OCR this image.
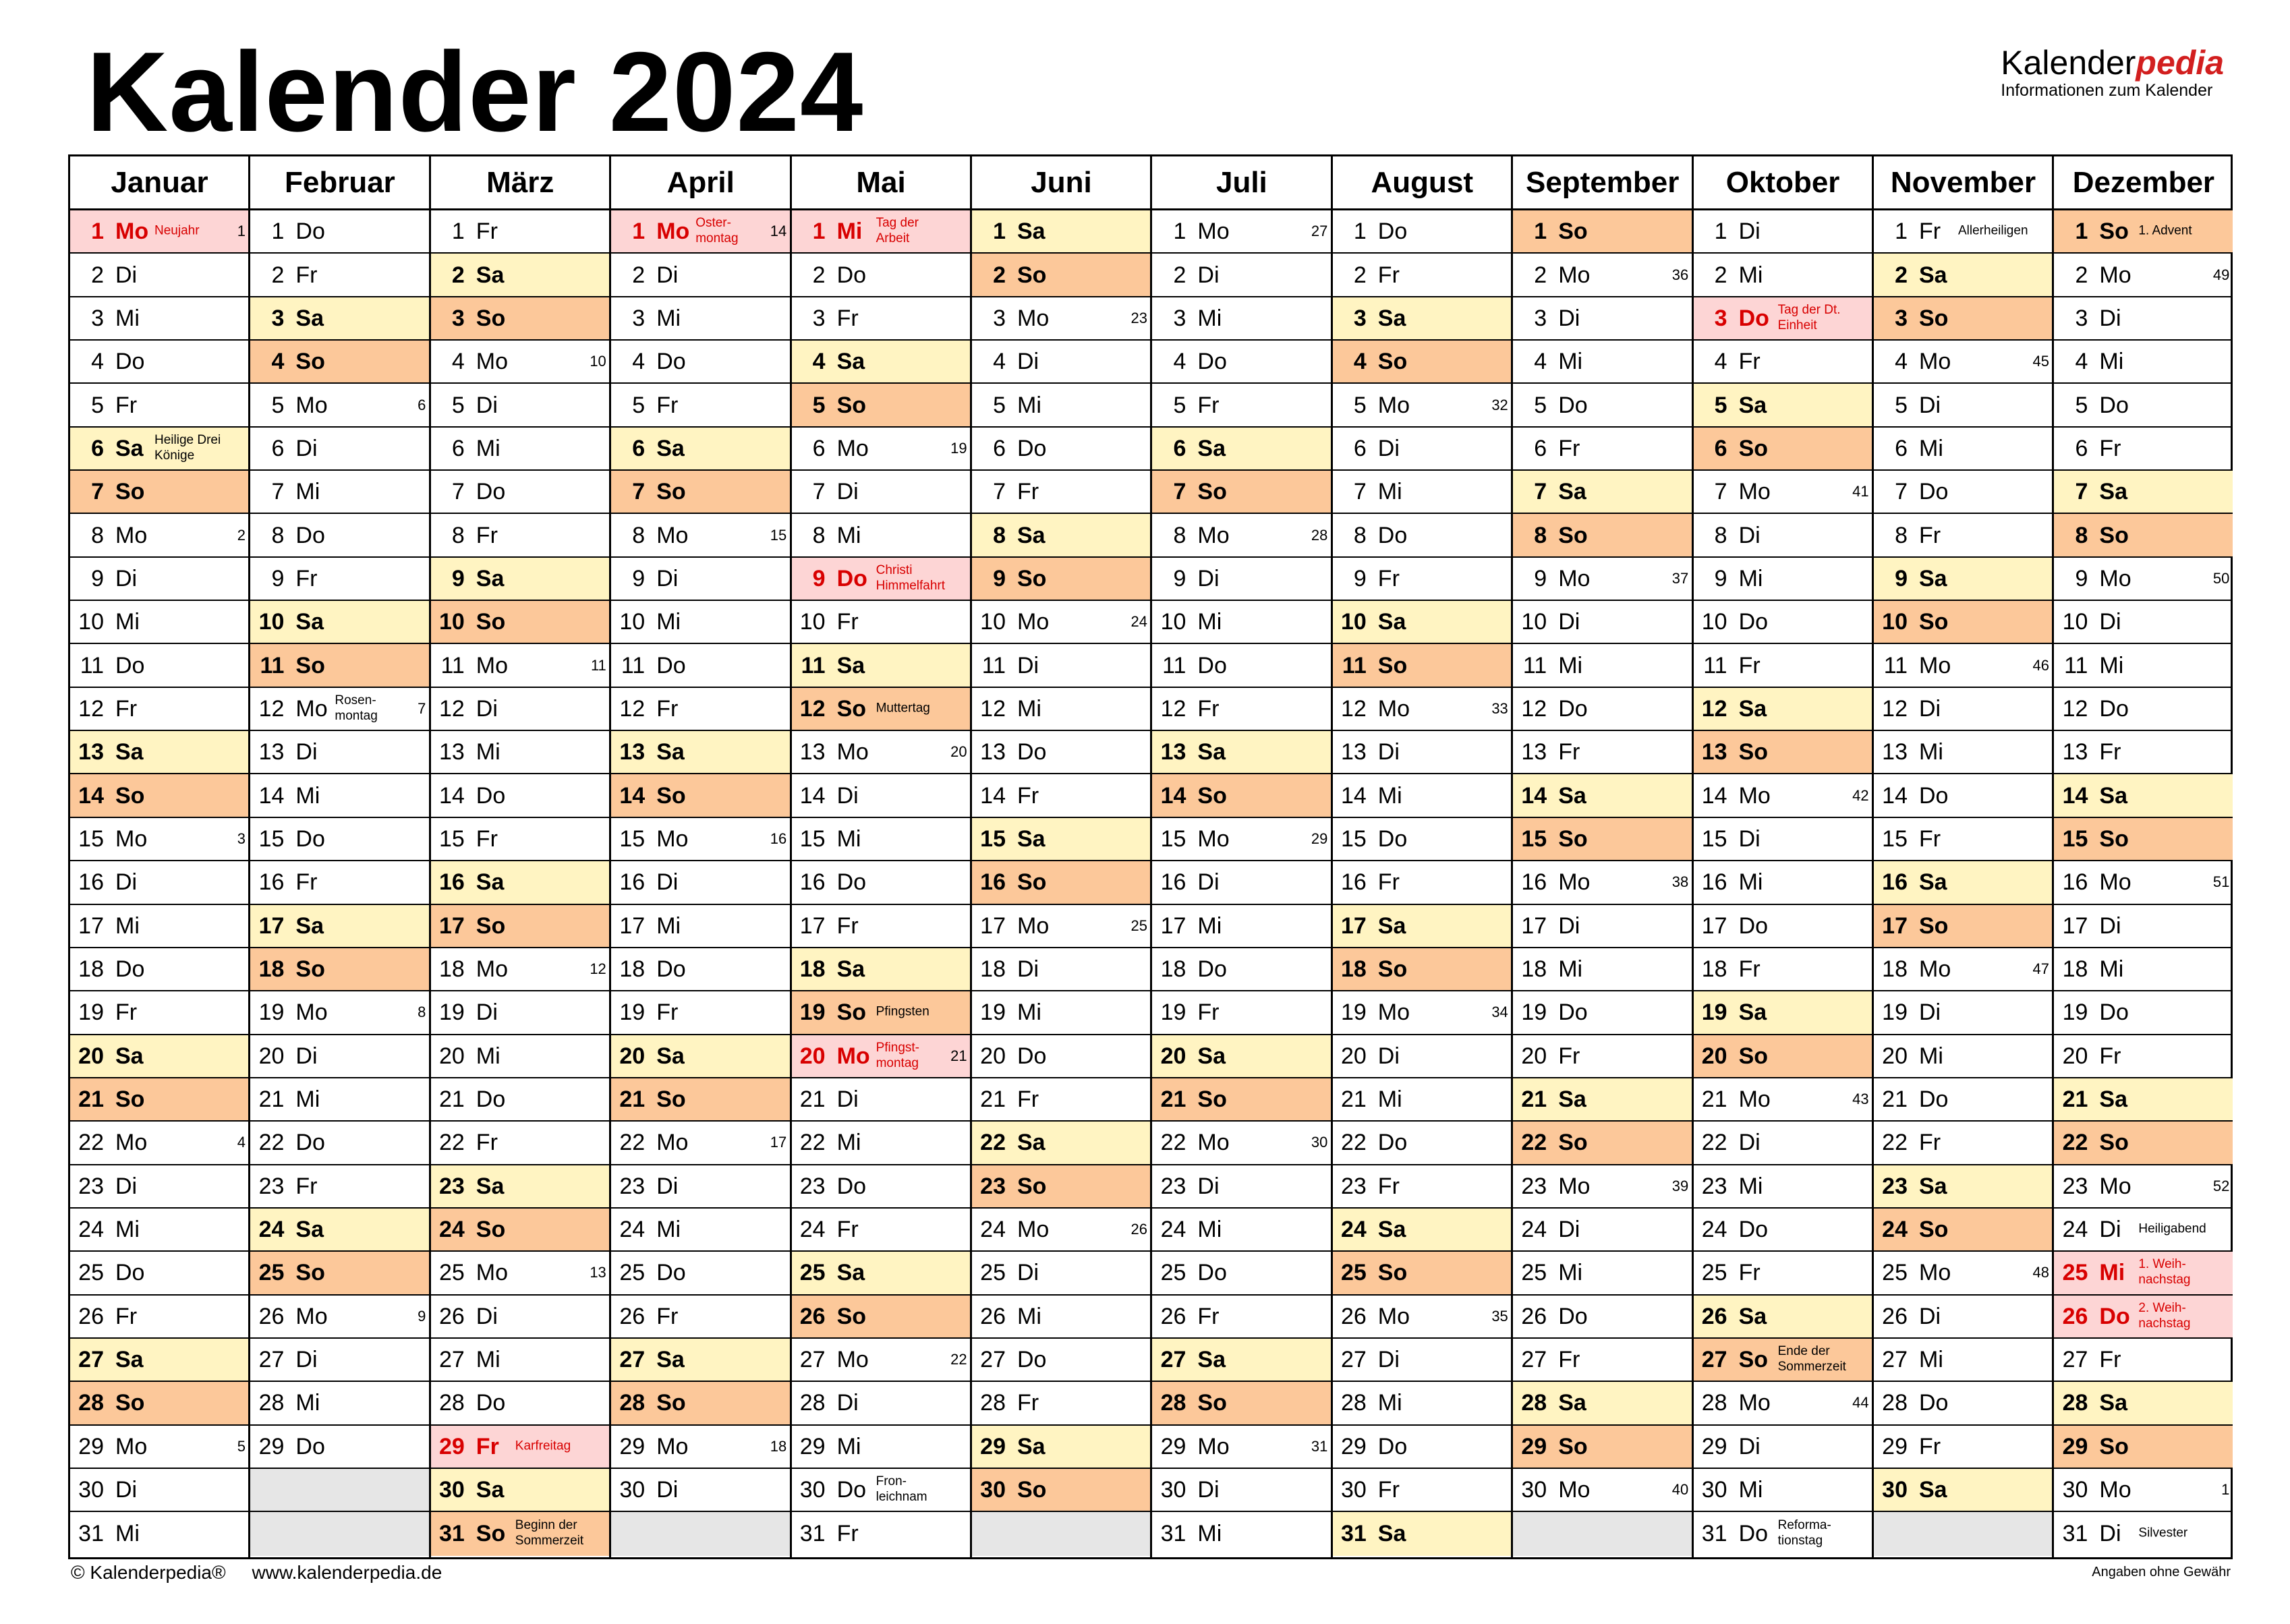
Kalender 2024	Kalenderpedia
Informationen zum Kalender
Januar
1 Mo Neujahr	1
2 Di
3 Mi
4 Do
5 Fr
6 Sa Heilige Drei
Könige
7 So
8 Mo	2
9 Di
10 Mi
11 Do
12 Fr
13 Sa
14 So
15 Mo	3
16 Di
17 Mi
18 Do
19 Fr
20 Sa
21 So
22 Mo	4
23 Di
24 Mi
25 Do
26 Fr
27 Sa
28 So
29 Mo	5
30 Di
31 Mi
Februar
1 Do
2 Fr
3 Sa
4 So
5 Mo	6
6 Di
7 Mi
8 Do
9 Fr
10 Sa
11 So
12 Mo Rosen-
montag	7
13 Di
14 Mi
15 Do
16 Fr
17 Sa
18 So
19 Mo	8
20 Di
21 Mi
22 Do
23 Fr
24 Sa
25 So
26 Mo	9
27 Di
28 Mi
29 Do
März
1 Fr
2 Sa
3 So
4 Mo	10
5 Di
6 Mi
7 Do
8 Fr
9 Sa
10 So
11 Mo	11
12 Di
13 Mi
14 Do
15 Fr
16 Sa
17 So
18 Mo	12
19 Di
20 Mi
21 Do
22 Fr
23 Sa
24 So
25 Mo	13
26 Di
27 Mi
28 Do
29 Fr Karfreitag
30 Sa
31 So Beginn der
Sommerzeit
April
1 Mo Oster-
montag 14
2 Di
3 Mi
4 Do
5 Fr
6 Sa
7 So
8 Mo	15
9 Di
10 Mi
11 Do
12 Fr
13 Sa
14 So
15 Mo	16
16 Di
17 Mi
18 Do
19 Fr
20 Sa
21 So
22 Mo	17
23 Di
24 Mi
25 Do
26 Fr
27 Sa
28 So
29 Mo	18
30 Di
Mai
1 Mi Tag der
Arbeit
2 Do
3 Fr
4 Sa
5 So
6 Mo	19
7 Di
8 Mi
9 Do Christi
Himmelfahrt
10 Fr
11 Sa
12 So Muttertag
13 Mo	20
14 Di
15 Mi
16 Do
17 Fr
18 Sa
19 So Pfingsten
20 Mo Pfingst-
montag 21
21 Di
22 Mi
23 Do
24 Fr
25 Sa
26 So
27 Mo	22
28 Di
29 Mi
30 Do Fron-
leichnam
31 Fr
Juni
1 Sa
2 So
3 Mo	23
4 Di
5 Mi
6 Do
7 Fr
8 Sa
9 So
10 Mo	24
11 Di
12 Mi
13 Do
14 Fr
15 Sa
16 So
17 Mo	25
18 Di
19 Mi
20 Do
21 Fr
22 Sa
23 So
24 Mo	26
25 Di
26 Mi
27 Do
28 Fr
29 Sa
30 So
Juli
1 Mo	27
2 Di
3 Mi
4 Do
5 Fr
6 Sa
7 So
8 Mo	28
9 Di
10 Mi
11 Do
12 Fr
13 Sa
14 So
15 Mo	29
16 Di
17 Mi
18 Do
19 Fr
20 Sa
21 So
22 Mo	30
23 Di
24 Mi
25 Do
26 Fr
27 Sa
28 So
29 Mo	31
30 Di
31 Mi
August
1 Do
2 Fr
3 Sa
4 So
5 Mo	32
6 Di
7 Mi
8 Do
9 Fr
10 Sa
11 So
12 Mo	33
13 Di
14 Mi
15 Do
16 Fr
17 Sa
18 So
19 Mo	34
20 Di
21 Mi
22 Do
23 Fr
24 Sa
25 So
26 Mo	35
27 Di
28 Mi
29 Do
30 Fr
31 Sa
September
1 So
2 Mo	36
3 Di
4 Mi
5 Do
6 Fr
7 Sa
8 So
9 Mo	37
10 Di
11 Mi
12 Do
13 Fr
14 Sa
15 So
16 Mo	38
17 Di
18 Mi
19 Do
20 Fr
21 Sa
22 So
23 Mo	39
24 Di
25 Mi
26 Do
27 Fr
28 Sa
29 So
30 Mo	40
Oktober
1 Di
2 Mi
3 Do Tag der Dt.
Einheit
4 Fr
5 Sa
6 So
7 Mo	41
8 Di
9 Mi
10 Do
11 Fr
12 Sa
13 So
14 Mo	42
15 Di
16 Mi
17 Do
18 Fr
19 Sa
20 So
21 Mo	43
22 Di
23 Mi
24 Do
25 Fr
26 Sa
27 So Ende der
Sommerzeit
28 Mo	44
29 Di
30 Mi
31 Do Reforma-
tionstag
November
1 Fr Allerheiligen
2 Sa
3 So
4 Mo	45
5 Di
6 Mi
7 Do
8 Fr
9 Sa
10 So
11 Mo	46
12 Di
13 Mi
14 Do
15 Fr
16 Sa
17 So
18 Mo	47
19 Di
20 Mi
21 Do
22 Fr
23 Sa
24 So
25 Mo	48
26 Di
27 Mi
28 Do
29 Fr
30 Sa
Dezember
1 So 1. Advent
2 Mo	49
3 Di
4 Mi
5 Do
6 Fr
7 Sa
8 So
9 Mo	50
10 Di
11 Mi
12 Do
13 Fr
14 Sa
15 So
16 Mo	51
17 Di
18 Mi
19 Do
20 Fr
21 Sa
22 So
23 Mo	52
24 Di Heiligabend
25 Mi 1. Weih-
nachstag
26 Do 2. Weih-
nachstag
27 Fr
28 Sa
29 So
30 Mo	1
31 Di Silvester
© Kalenderpedia®     www.kalenderpedia.de	Angaben ohne Gewähr
